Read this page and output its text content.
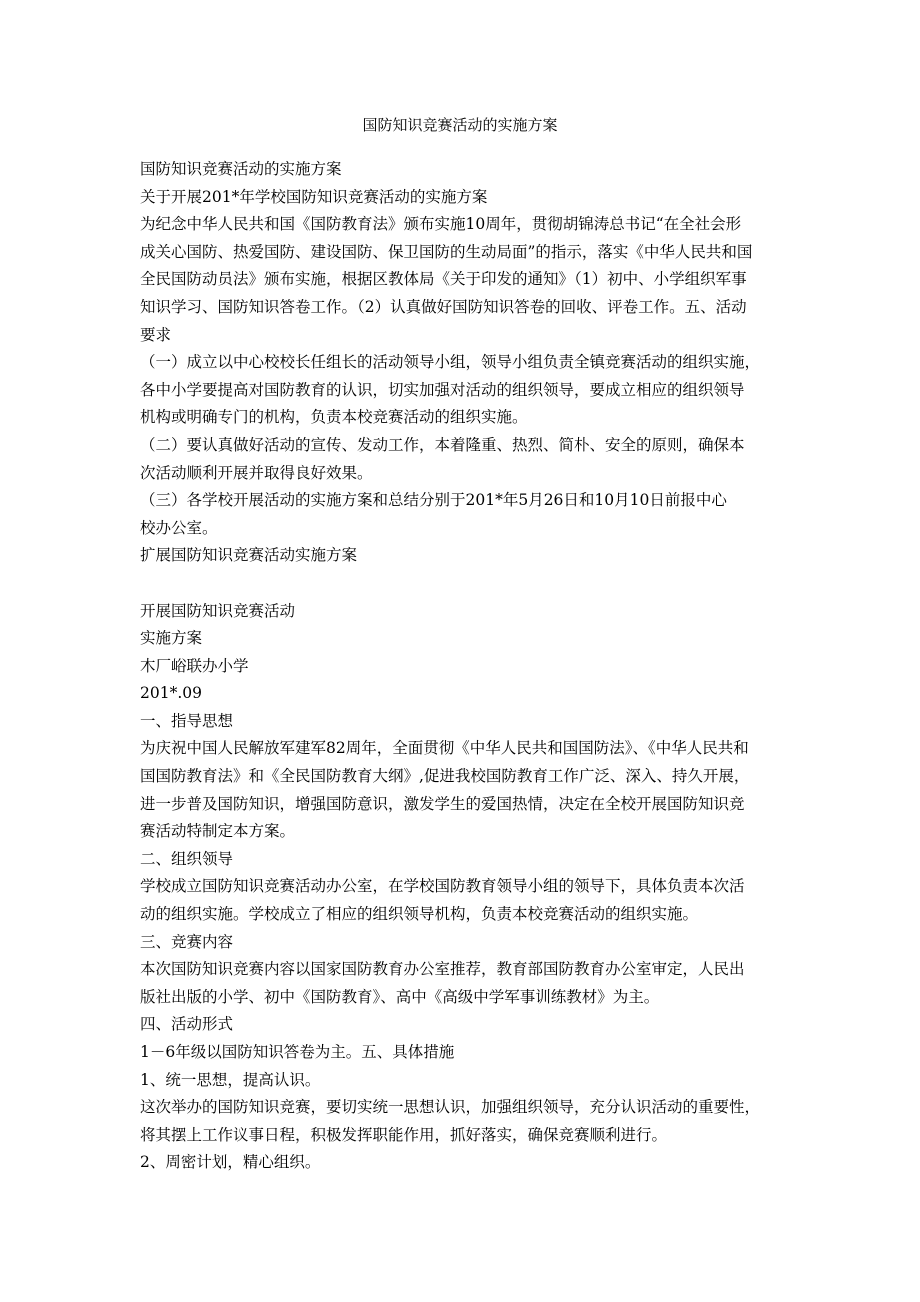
国防知识竞赛活动的实施方案
国防知识竞赛活动的实施方案
关于开展201*年学校国防知识竞赛活动的实施方案
为纪念中华人民共和国《国防教育法》颁布实施10周年，贯彻胡锦涛总书记“在全社会形
成关心国防、热爱国防、建设国防、保卫国防的生动局面”的指示，落实《中华人民共和国
全民国防动员法》颁布实施，根据区教体局《关于印发的通知》（1）初中、小学组织军事
知识学习、国防知识答卷工作。（2）认真做好国防知识答卷的回收、评卷工作。五、活动
要求
（一）成立以中心校校长任组长的活动领导小组，领导小组负责全镇竞赛活动的组织实施，
各中小学要提高对国防教育的认识，切实加强对活动的组织领导，要成立相应的组织领导
机构或明确专门的机构，负责本校竞赛活动的组织实施。
（二）要认真做好活动的宣传、发动工作，本着隆重、热烈、简朴、安全的原则，确保本
次活动顺利开展并取得良好效果。
（三）各学校开展活动的实施方案和总结分别于201*年5月26日和10月10日前报中心
校办公室。
扩展国防知识竞赛活动实施方案
开展国防知识竞赛活动
实施方案
木厂峪联办小学
201*.09
一、指导思想
为庆祝中国人民解放军建军82周年，全面贯彻《中华人民共和国国防法》、《中华人民共和
国国防教育法》和《全民国防教育大纲》,促进我校国防教育工作广泛、深入、持久开展，
进一步普及国防知识，增强国防意识，激发学生的爱国热情，决定在全校开展国防知识竞
赛活动特制定本方案。
二、组织领导
学校成立国防知识竞赛活动办公室，在学校国防教育领导小组的领导下，具体负责本次活
动的组织实施。学校成立了相应的组织领导机构，负责本校竞赛活动的组织实施。
三、竞赛内容
本次国防知识竞赛内容以国家国防教育办公室推荐，教育部国防教育办公室审定，人民出
版社出版的小学、初中《国防教育》、高中《高级中学军事训练教材》为主。
四、活动形式
1－6年级以国防知识答卷为主。五、具体措施
1、统一思想，提高认识。
这次举办的国防知识竞赛，要切实统一思想认识，加强组织领导，充分认识活动的重要性，
将其摆上工作议事日程，积极发挥职能作用，抓好落实，确保竞赛顺利进行。
2、周密计划，精心组织。
